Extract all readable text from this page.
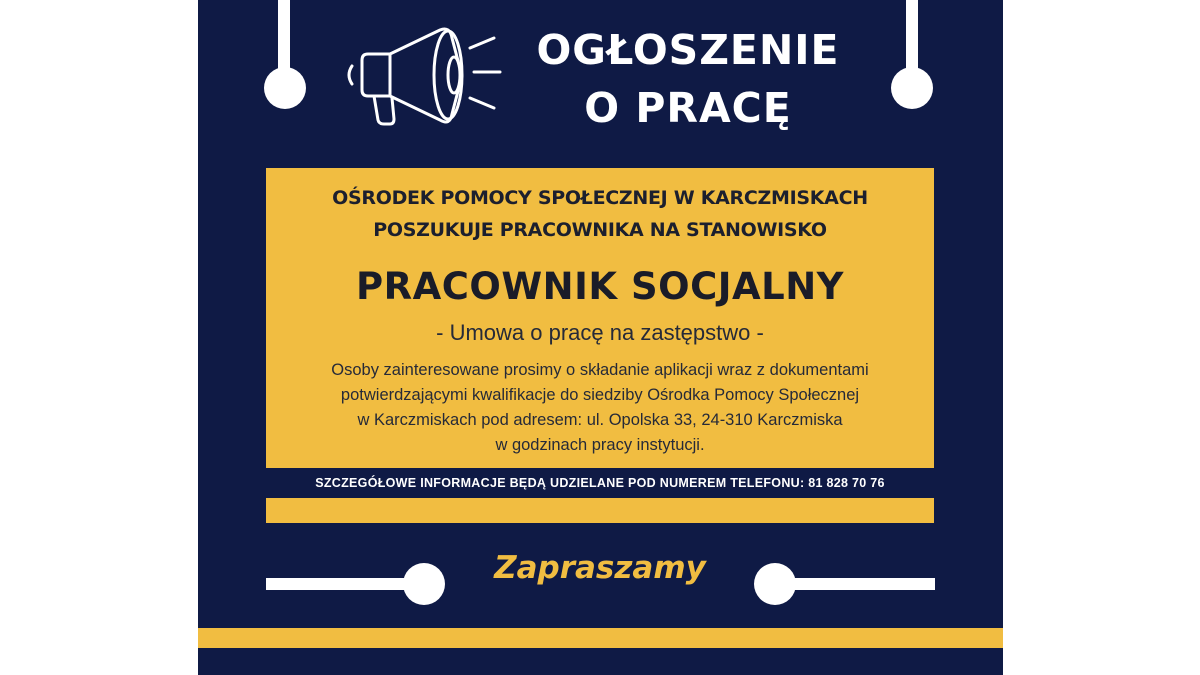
OGŁOSZENIE
O PRACĘ
OŚRODEK POMOCY SPOŁECZNEJ W KARCZMISKACH
POSZUKUJE PRACOWNIKA NA STANOWISKO
PRACOWNIK SOCJALNY
- Umowa o pracę na zastępstwo -
Osoby zainteresowane prosimy o składanie aplikacji wraz z dokumentami
potwierdzającymi kwalifikacje do siedziby Ośrodka Pomocy Społecznej
w Karczmiskach pod adresem: ul. Opolska 33, 24-310 Karczmiska
w godzinach pracy instytucji.
SZCZEGÓŁOWE INFORMACJE BĘDĄ UDZIELANE POD NUMEREM TELEFONU: 81 828 70 76
Zapraszamy
